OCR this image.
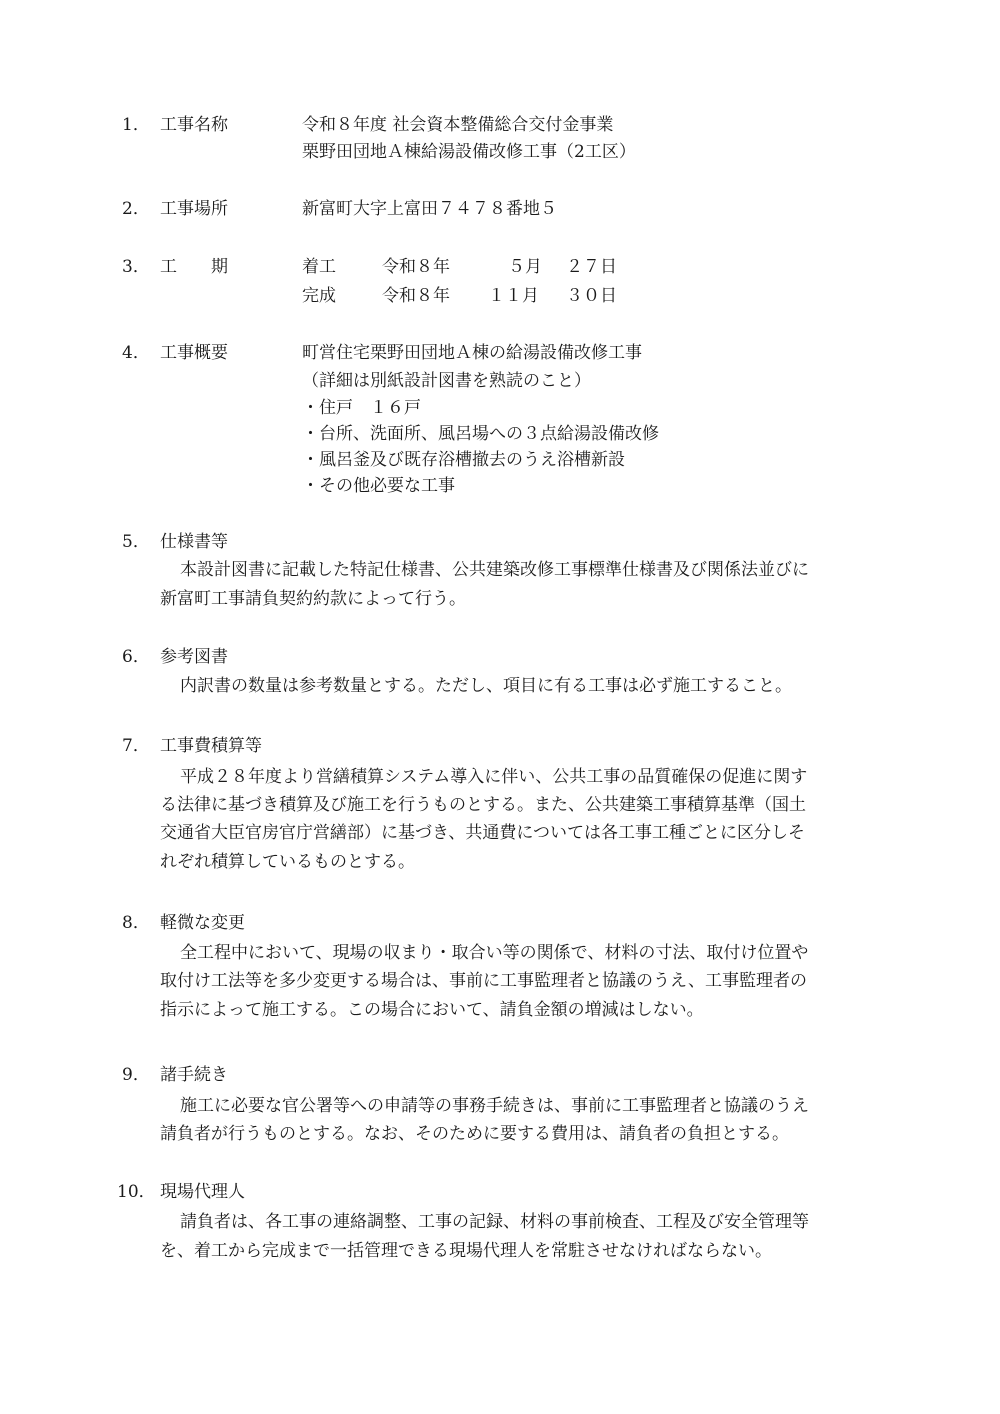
1． 工事名称	令和８年度 社会資本整備総合交付金事業
栗野田団地Ａ棟給湯設備改修工事（2工区）
2． 工事場所	新富町大字上富田７４７８番地５
3． 工　　期	着工	令和８年	５月 ２７日
完成	令和８年 １１月 ３０日
4． 工事概要	町営住宅栗野田団地Ａ棟の給湯設備改修工事
（詳細は別紙設計図書を熟読のこと）
・住戸　１６戸
・台所、洗面所、風呂場への３点給湯設備改修
・風呂釜及び既存浴槽撤去のうえ浴槽新設
・その他必要な工事
5． 仕様書等
本設計図書に記載した特記仕様書、公共建築改修工事標準仕様書及び関係法並びに
新富町工事請負契約約款によって行う。
6． 参考図書
内訳書の数量は参考数量とする。ただし、項目に有る工事は必ず施工すること。
7． 工事費積算等
平成２８年度より営繕積算システム導入に伴い、公共工事の品質確保の促進に関す
る法律に基づき積算及び施工を行うものとする。また、公共建築工事積算基準（国土
交通省大臣官房官庁営繕部）に基づき、共通費については各工事工種ごとに区分しそ
れぞれ積算しているものとする。
8． 軽微な変更
全工程中において、現場の収まり・取合い等の関係で、材料の寸法、取付け位置や
取付け工法等を多少変更する場合は、事前に工事監理者と協議のうえ、工事監理者の
指示によって施工する。この場合において、請負金額の増減はしない。
9． 諸手続き
施工に必要な官公署等への申請等の事務手続きは、事前に工事監理者と協議のうえ
請負者が行うものとする。なお、そのために要する費用は、請負者の負担とする。
10． 現場代理人
請負者は、各工事の連絡調整、工事の記録、材料の事前検査、工程及び安全管理等
を、着工から完成まで一括管理できる現場代理人を常駐させなければならない。
